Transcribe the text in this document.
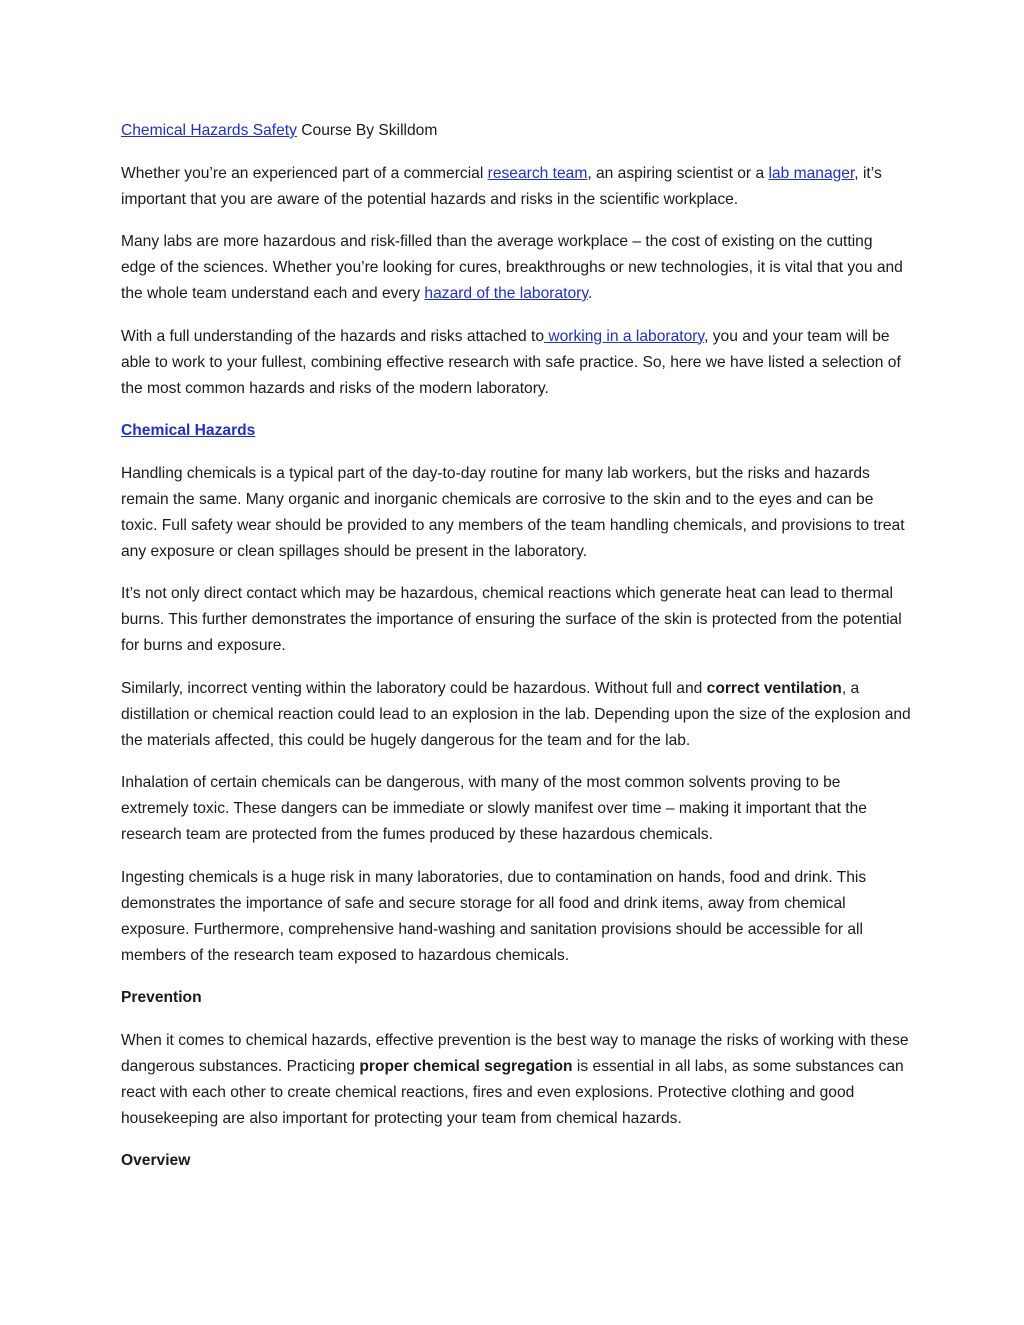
Chemical Hazards Safety Course By Skilldom

Whether you’re an experienced part of a commercial research team, an aspiring scientist or a lab manager, it’s important that you are aware of the potential hazards and risks in the scientific workplace.

Many labs are more hazardous and risk-filled than the average workplace – the cost of existing on the cutting edge of the sciences. Whether you’re looking for cures, breakthroughs or new technologies, it is vital that you and the whole team understand each and every hazard of the laboratory.

With a full understanding of the hazards and risks attached to working in a laboratory, you and your team will be able to work to your fullest, combining effective research with safe practice. So, here we have listed a selection of the most common hazards and risks of the modern laboratory.

Chemical Hazards

Handling chemicals is a typical part of the day-to-day routine for many lab workers, but the risks and hazards remain the same. Many organic and inorganic chemicals are corrosive to the skin and to the eyes and can be toxic. Full safety wear should be provided to any members of the team handling chemicals, and provisions to treat any exposure or clean spillages should be present in the laboratory.

It’s not only direct contact which may be hazardous, chemical reactions which generate heat can lead to thermal burns. This further demonstrates the importance of ensuring the surface of the skin is protected from the potential for burns and exposure.

Similarly, incorrect venting within the laboratory could be hazardous. Without full and correct ventilation, a distillation or chemical reaction could lead to an explosion in the lab. Depending upon the size of the explosion and the materials affected, this could be hugely dangerous for the team and for the lab.

Inhalation of certain chemicals can be dangerous, with many of the most common solvents proving to be extremely toxic. These dangers can be immediate or slowly manifest over time – making it important that the research team are protected from the fumes produced by these hazardous chemicals.

Ingesting chemicals is a huge risk in many laboratories, due to contamination on hands, food and drink. This demonstrates the importance of safe and secure storage for all food and drink items, away from chemical exposure. Furthermore, comprehensive hand-washing and sanitation provisions should be accessible for all members of the research team exposed to hazardous chemicals.

Prevention

When it comes to chemical hazards, effective prevention is the best way to manage the risks of working with these dangerous substances. Practicing proper chemical segregation is essential in all labs, as some substances can react with each other to create chemical reactions, fires and even explosions. Protective clothing and good housekeeping are also important for protecting your team from chemical hazards.

Overview
